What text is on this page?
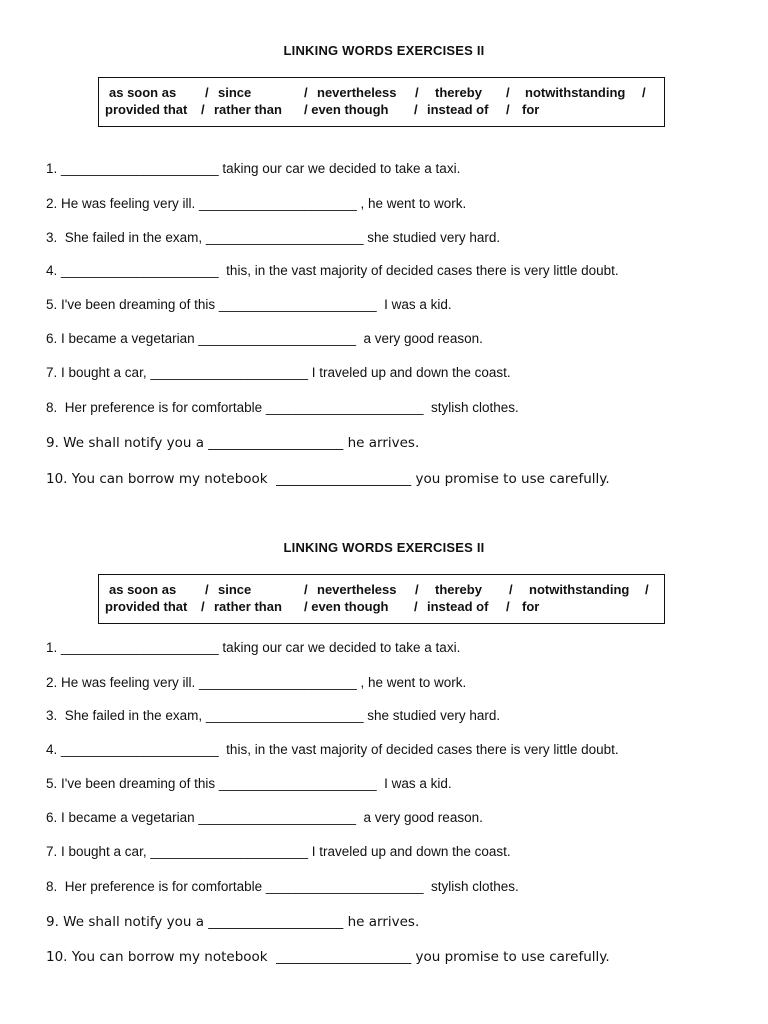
LINKING WORDS EXERCISES II

as soon as

/

since

	/

nevertheless

/

thereby

/

notwithstanding

/

provided that

/

rather than

/ even though

/

instead of

/

for

1. _____________________ taking our car we decided to take a taxi.
2. He was feeling very ill. _____________________ , he went to work.
3.  She failed in the exam, _____________________ she studied very hard.
4. _____________________  this, in the vast majority of decided cases there is very little doubt.
5. I've been dreaming of this _____________________  I was a kid.
6. I became a vegetarian _____________________  a very good reason.
7. I bought a car, _____________________ I traveled up and down the coast.
8.  Her preference is for comfortable _____________________  stylish clothes.
9. We shall notify you a ____________________ he arrives.
10. You can borrow my notebook  ____________________ you promise to use carefully.
LINKING WORDS EXERCISES II

as soon as

/

since

	/

nevertheless

/

thereby

/

notwithstanding

/

provided that

/

rather than

/ even though

/

instead of

/

for

1. _____________________ taking our car we decided to take a taxi.
2. He was feeling very ill. _____________________ , he went to work.
3.  She failed in the exam, _____________________ she studied very hard.
4. _____________________  this, in the vast majority of decided cases there is very little doubt.
5. I've been dreaming of this _____________________  I was a kid.
6. I became a vegetarian _____________________  a very good reason.
7. I bought a car, _____________________ I traveled up and down the coast.
8.  Her preference is for comfortable _____________________  stylish clothes.
9. We shall notify you a ____________________ he arrives.
10. You can borrow my notebook  ____________________ you promise to use carefully.
